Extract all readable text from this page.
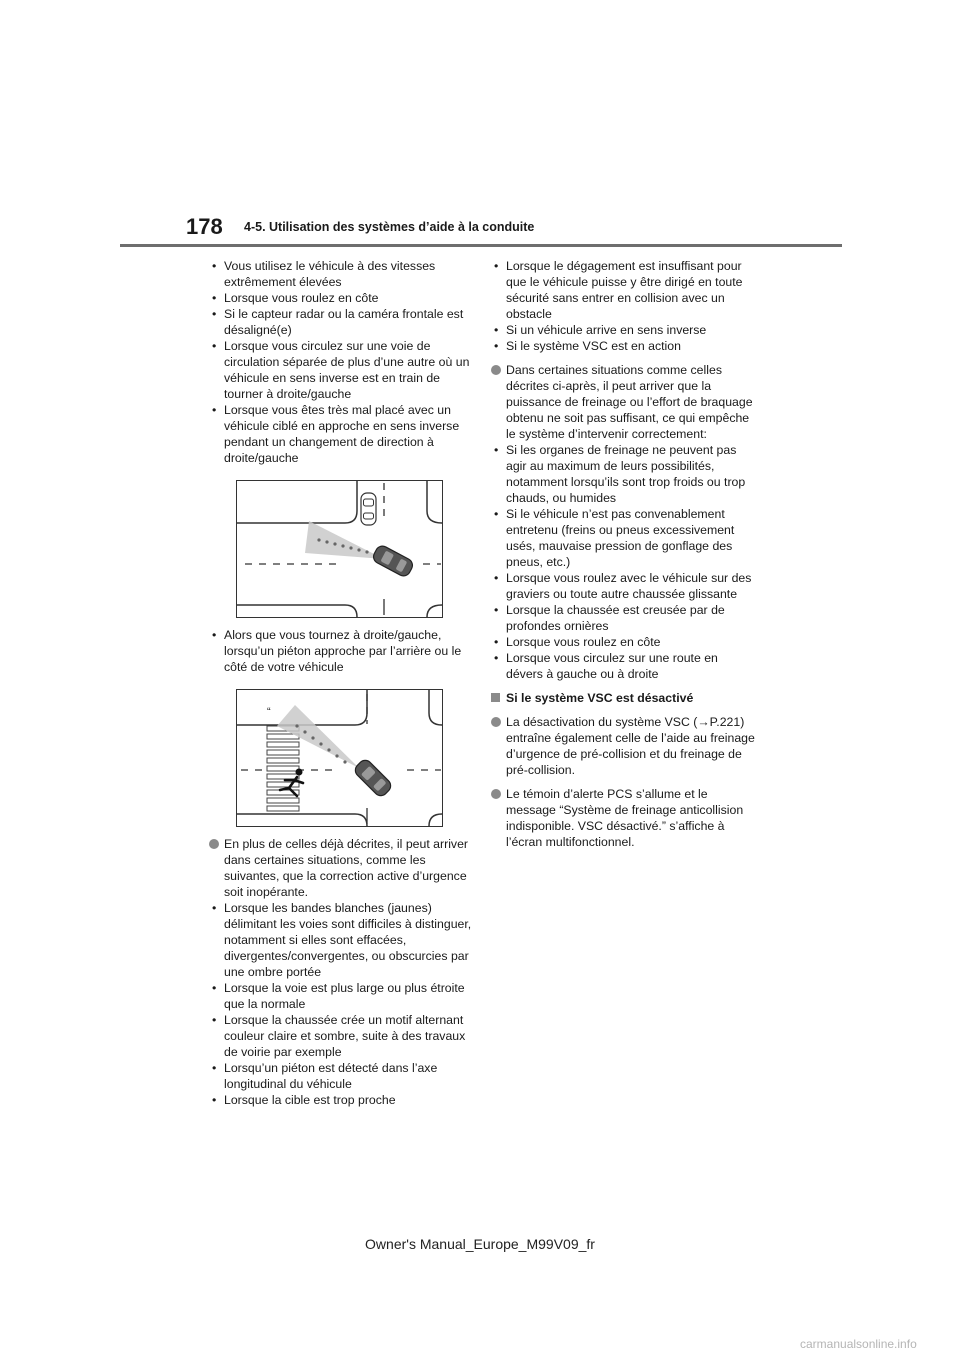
178 4-5. Utilisation des systèmes d’aide à la conduite
• Vous utilisez le véhicule à des vitesses extrêmement élevées
• Lorsque vous roulez en côte
• Si le capteur radar ou la caméra frontale est désaligné(e)
• Lorsque vous circulez sur une voie de circulation séparée de plus d’une autre où un véhicule en sens inverse est en train de tourner à droite/gauche
• Lorsque vous êtes très mal placé avec un véhicule ciblé en approche en sens inverse pendant un changement de direction à droite/gauche
• Alors que vous tournez à droite/gauche, lorsqu’un piéton approche par l’arrière ou le côté de votre véhicule
“
En plus de celles déjà décrites, il peut arriver dans certaines situations, comme les suivantes, que la correction active d’urgence soit inopérante.
• Lorsque les bandes blanches (jaunes) délimitant les voies sont difficiles à distinguer, notamment si elles sont effacées, divergentes/convergentes, ou obscurcies par une ombre portée
• Lorsque la voie est plus large ou plus étroite que la normale
• Lorsque la chaussée crée un motif alternant couleur claire et sombre, suite à des travaux de voirie par exemple
• Lorsqu’un piéton est détecté dans l’axe longitudinal du véhicule
• Lorsque la cible est trop proche
• Lorsque le dégagement est insuffisant pour que le véhicule puisse y être dirigé en toute sécurité sans entrer en collision avec un obstacle
• Si un véhicule arrive en sens inverse
• Si le système VSC est en action
Dans certaines situations comme celles décrites ci-après, il peut arriver que la puissance de freinage ou l’effort de braquage obtenu ne soit pas suffisant, ce qui empêche le système d’intervenir correctement:
• Si les organes de freinage ne peuvent pas agir au maximum de leurs possibilités, notamment lorsqu’ils sont trop froids ou trop chauds, ou humides
• Si le véhicule n’est pas convenablement entretenu (freins ou pneus excessivement usés, mauvaise pression de gonflage des pneus, etc.)
• Lorsque vous roulez avec le véhicule sur des graviers ou toute autre chaussée glissante
• Lorsque la chaussée est creusée par de profondes ornières
• Lorsque vous roulez en côte
• Lorsque vous circulez sur une route en dévers à gauche ou à droite
Si le système VSC est désactivé
La désactivation du système VSC (→P.221) entraîne également celle de l’aide au freinage d’urgence de pré-collision et du freinage de pré-collision.
Le témoin d’alerte PCS s’allume et le message “Système de freinage anticollision indisponible. VSC désactivé.” s’affiche à l’écran multifonctionnel.
Owner's Manual_Europe_M99V09_fr
carmanualsonline.info
